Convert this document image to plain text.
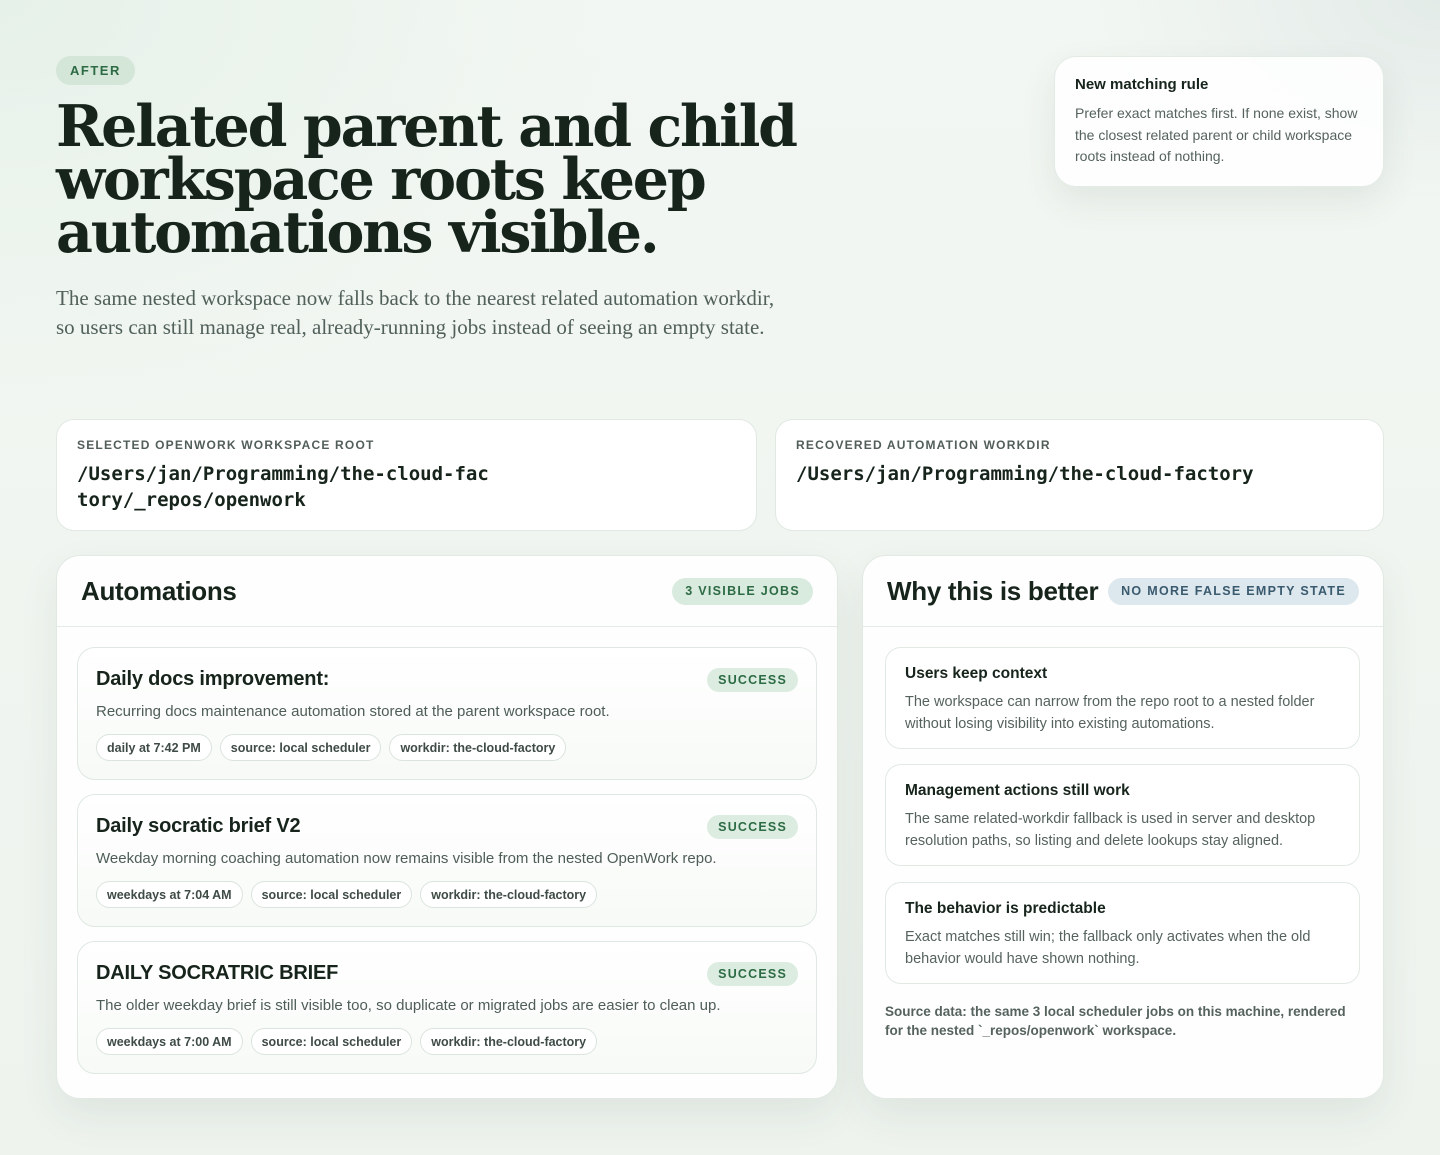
AFTER
Related parent and child workspace roots keep automations visible.

The same nested workspace now falls back to the nearest related automation workdir, so users can still manage real, already-running jobs instead of seeing an empty state.

New matching rule
Prefer exact matches first. If none exist, show the closest related parent or child workspace roots instead of nothing.
SELECTED OPENWORK WORKSPACE ROOT
/Users/jan/Programming/the-cloud-factory/_repos/openwork
RECOVERED AUTOMATION WORKDIR
/Users/jan/Programming/the-cloud-factory
Automations	3 VISIBLE JOBS
Daily docs improvement:	SUCCESS
Recurring docs maintenance automation stored at the parent workspace root.
daily at 7:42 PM	source: local scheduler	workdir: the-cloud-factory
Daily socratic brief V2	SUCCESS
Weekday morning coaching automation now remains visible from the nested OpenWork repo.
weekdays at 7:04 AM	source: local scheduler	workdir: the-cloud-factory
DAILY SOCRATRIC BRIEF	SUCCESS
The older weekday brief is still visible too, so duplicate or migrated jobs are easier to clean up.
weekdays at 7:00 AM	source: local scheduler	workdir: the-cloud-factory
Why this is better	NO MORE FALSE EMPTY STATE
Users keep context
The workspace can narrow from the repo root to a nested folder without losing visibility into existing automations.
Management actions still work
The same related-workdir fallback is used in server and desktop resolution paths, so listing and delete lookups stay aligned.
The behavior is predictable
Exact matches still win; the fallback only activates when the old behavior would have shown nothing.
Source data: the same 3 local scheduler jobs on this machine, rendered for the nested `_repos/openwork` workspace.
